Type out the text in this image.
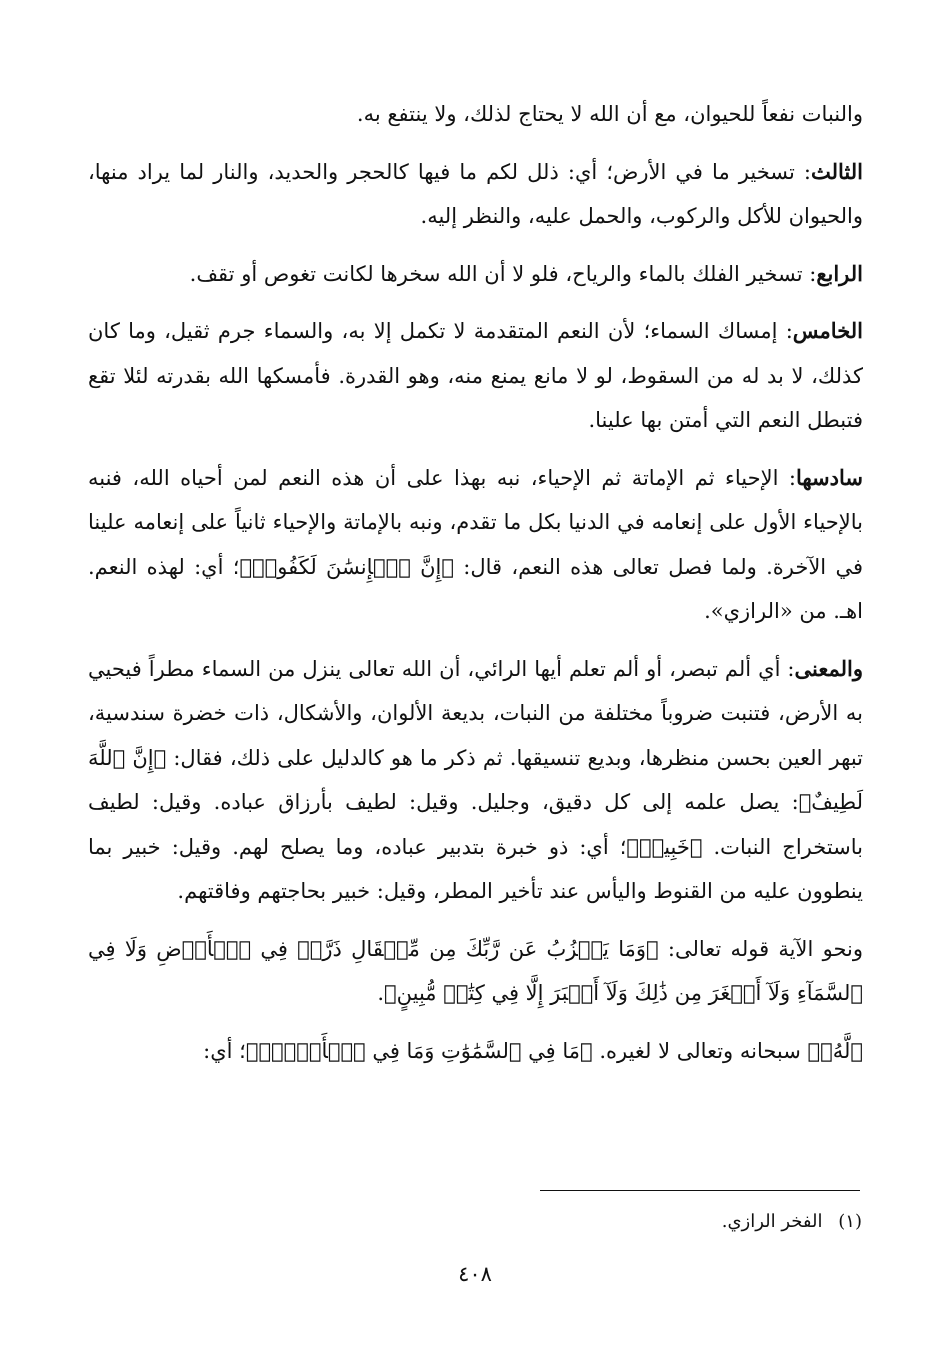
والنبات نفعاً للحيوان، مع أن الله لا يحتاج لذلك، ولا ينتفع به.

الثالث: تسخير ما في الأرض؛ أي: ذلل لكم ما فيها كالحجر والحديد، والنار لما يراد منها، والحيوان للأكل والركوب، والحمل عليه، والنظر إليه.

الرابع: تسخير الفلك بالماء والرياح، فلو لا أن الله سخرها لكانت تغوص أو تقف.

الخامس: إمساك السماء؛ لأن النعم المتقدمة لا تكمل إلا به، والسماء جرم ثقيل، وما كان كذلك، لا بد له من السقوط، لو لا مانع يمنع منه، وهو القدرة. فأمسكها الله بقدرته لئلا تقع فتبطل النعم التي أمتن بها علينا.

سادسها: الإحياء ثم الإماتة ثم الإحياء، نبه بهذا على أن هذه النعم لمن أحياه الله، فنبه بالإحياء الأول على إنعامه في الدنيا بكل ما تقدم، ونبه بالإماتة والإحياء ثانياً على إنعامه علينا في الآخرة. ولما فصل تعالى هذه النعم، قال: ﴿إِنَّ ٱلۡإِنسَٰنَ لَكَفُورٞ﴾؛ أي: لهذه النعم. اهـ. من «الرازي».

والمعنى: أي ألم تبصر، أو ألم تعلم أيها الرائي، أن الله تعالى ينزل من السماء مطراً فيحيي به الأرض، فتنبت ضروباً مختلفة من النبات، بديعة الألوان، والأشكال، ذات خضرة سندسية، تبهر العين بحسن منظرها، وبديع تنسيقها. ثم ذكر ما هو كالدليل على ذلك، فقال: ﴿إِنَّ ٱللَّهَ لَطِيفٌ﴾: يصل علمه إلى كل دقيق، وجليل. وقيل: لطيف بأرزاق عباده. وقيل: لطيف باستخراج النبات. ﴿خَبِيرٞ﴾؛ أي: ذو خبرة بتدبير عباده، وما يصلح لهم. وقيل: خبير بما ينطوون عليه من القنوط واليأس عند تأخير المطر، وقيل: خبير بحاجتهم وفاقتهم.

ونحو الآية قوله تعالى: ﴿وَمَا يَعۡزُبُ عَن رَّبِّكَ مِن مِّثۡقَالِ ذَرَّةٖ فِي ٱلۡأَرۡضِ وَلَا فِي ٱلسَّمَآءِ وَلَآ أَصۡغَرَ مِن ذَٰلِكَ وَلَآ أَكۡبَرَ إِلَّا فِي كِتَٰبٖ مُّبِينٍ﴾.

﴿لَّهُۥ﴾ سبحانه وتعالى لا لغيره. ﴿مَا فِي ٱلسَّمَٰوَٰتِ وَمَا فِي ٱلۡأَرۡضِۗ﴾؛ أي:

(١) الفخر الرازي.
٤٠٨
